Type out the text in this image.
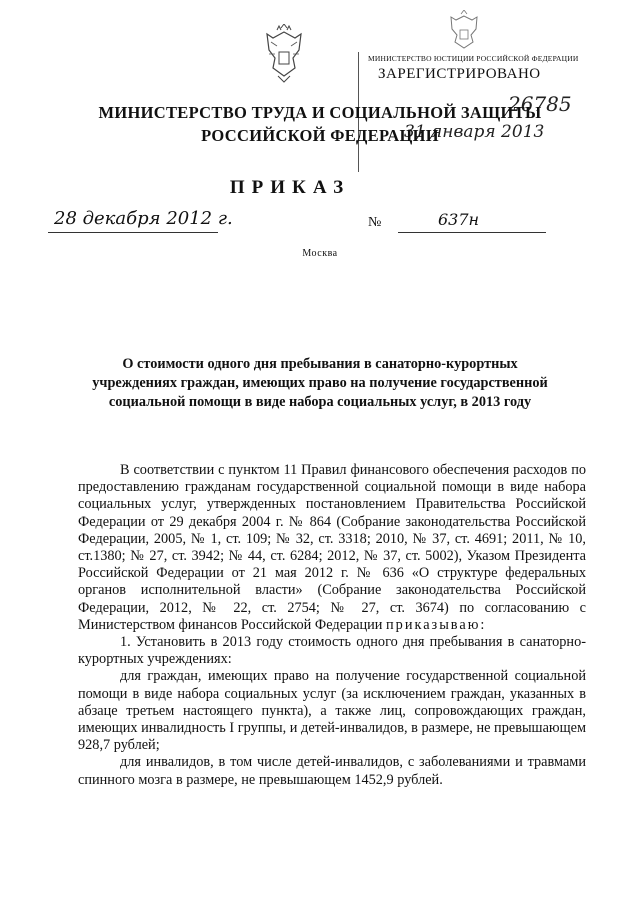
МИНИСТЕРСТВО ЮСТИЦИИ РОССИЙСКОЙ ФЕДЕРАЦИИ
ЗАРЕГИСТРИРОВАНО
26785
31 января 2013
МИНИСТЕРСТВО ТРУДА И СОЦИАЛЬНОЙ ЗАЩИТЫ
РОССИЙСКОЙ ФЕДЕРАЦИИ
ПРИКАЗ
28 декабря 2012 г.	№	637н
Москва
О стоимости одного дня пребывания в санаторно-курортных
учреждениях граждан, имеющих право на получение государственной
социальной помощи в виде набора социальных услуг, в 2013 году

В соответствии с пунктом 11 Правил финансового обеспечения расходов по предоставлению гражданам государственной социальной помощи в виде набора социальных услуг, утвержденных постановлением Правительства Российской Федерации от 29 декабря 2004 г. № 864 (Собрание законодательства Российской Федерации, 2005, № 1, ст. 109; № 32, ст. 3318; 2010, № 37, ст. 4691; 2011, № 10, ст.1380; № 27, ст. 3942; № 44, ст. 6284; 2012, № 37, ст. 5002), Указом Президента Российской Федерации от 21 мая 2012 г. № 636 «О структуре федеральных органов исполнительной власти» (Собрание законодательства Российской Федерации, 2012, № 22, ст. 2754; № 27, ст. 3674) по согласованию с Министерством финансов Российской Федерации приказываю:

1. Установить в 2013 году стоимость одного дня пребывания в санаторно-курортных учреждениях:

для граждан, имеющих право на получение государственной социальной помощи в виде набора социальных услуг (за исключением граждан, указанных в абзаце третьем настоящего пункта), а также лиц, сопровождающих граждан, имеющих инвалидность I группы, и детей-инвалидов, в размере, не превышающем 928,7 рублей;

для инвалидов, в том числе детей-инвалидов, с заболеваниями и травмами спинного мозга в размере, не превышающем 1452,9 рублей.
